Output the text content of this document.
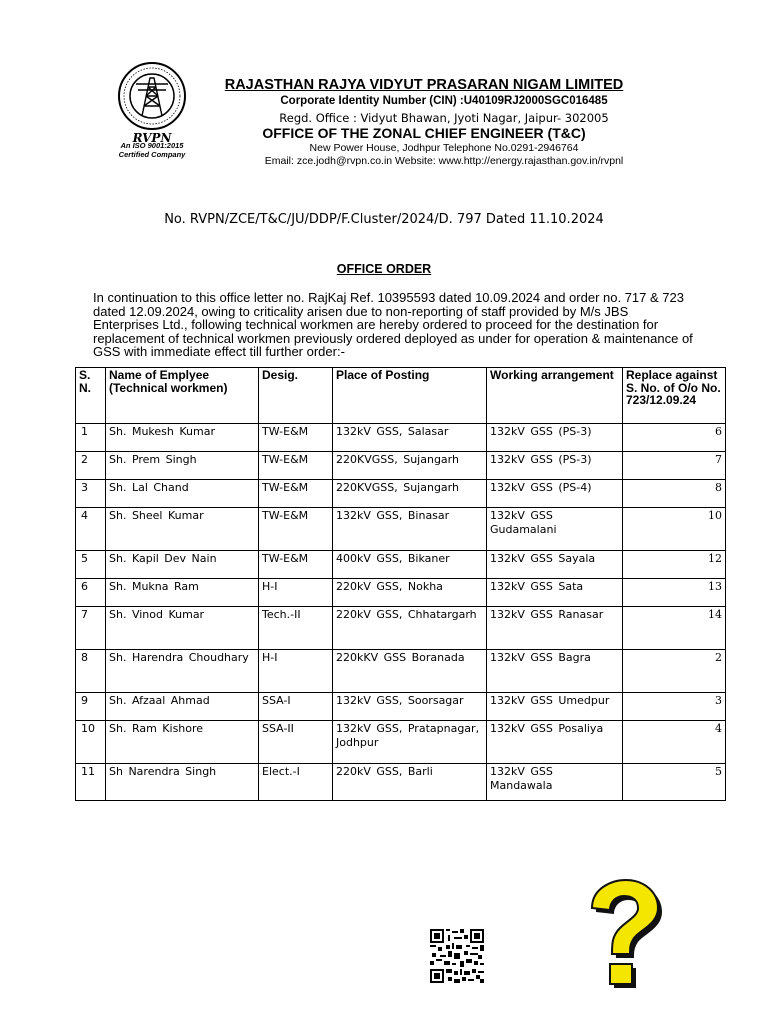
RVPN
An ISO 9001:2015
Certified Company
RAJASTHAN RAJYA VIDYUT PRASARAN NIGAM LIMITED
Corporate Identity Number (CIN) :U40109RJ2000SGC016485
Regd. Office : Vidyut Bhawan, Jyoti Nagar, Jaipur- 302005
OFFICE OF THE ZONAL CHIEF ENGINEER (T&C)
New Power House, Jodhpur Telephone No.0291-2946764
Email: zce.jodh@rvpn.co.in Website: www.http://energy.rajasthan.gov.in/rvpnl
No. RVPN/ZCE/T&C/JU/DDP/F.Cluster/2024/D. 797 Dated 11.10.2024
OFFICE ORDER
In continuation to this office letter no. RajKaj Ref. 10395593 dated 10.09.2024 and order no. 717 & 723 dated 12.09.2024, owing to criticality arisen due to non-reporting of staff provided by M/s JBS Enterprises Ltd., following technical workmen are hereby ordered to proceed for the destination for replacement of technical workmen previously ordered deployed as under for operation & maintenance of GSS with immediate effect till further order:-
S. N.	Name of Emplyee (Technical workmen)	Desig.	Place of Posting	Working arrangement	Replace against S. No. of O/o No. 723/12.09.24
1	Sh. Mukesh Kumar	TW-E&M	132kV GSS, Salasar	132kV GSS (PS-3)	6
2	Sh. Prem Singh	TW-E&M	220KVGSS, Sujangarh	132kV GSS (PS-3)	7
3	Sh. Lal Chand	TW-E&M	220KVGSS, Sujangarh	132kV GSS (PS-4)	8
4	Sh. Sheel Kumar	TW-E&M	132kV GSS, Binasar	132kV GSS Gudamalani	10
5	Sh. Kapil Dev Nain	TW-E&M	400kV GSS, Bikaner	132kV GSS Sayala	12
6	Sh. Mukna Ram	H-I	220kV GSS, Nokha	132kV GSS Sata	13
7	Sh. Vinod Kumar	Tech.-II	220kV GSS, Chhatargarh	132kV GSS Ranasar	14
8	Sh. Harendra Choudhary	H-I	220kKV GSS Boranada	132kV GSS Bagra	2
9	Sh. Afzaal Ahmad	SSA-I	132kV GSS, Soorsagar	132kV GSS Umedpur	3
10	Sh. Ram Kishore	SSA-II	132kV GSS, Pratapnagar, Jodhpur	132kV GSS Posaliya	4
11	Sh Narendra Singh	Elect.-I	220kV GSS, Barli	132kV GSS Mandawala	5
